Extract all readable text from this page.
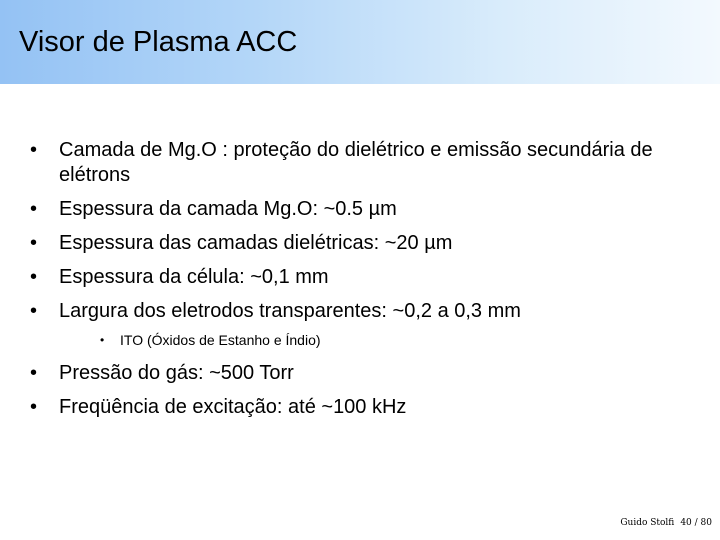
Visor de Plasma ACC
• Camada de Mg.O : proteção do dielétrico e emissão secundária de elétrons
• Espessura da camada Mg.O: ~0.5 µm
• Espessura das camadas dielétricas: ~20 µm
• Espessura da célula: ~0,1 mm
• Largura dos eletrodos transparentes: ~0,2 a 0,3 mm
• ITO (Óxidos de Estanho e Índio)
• Pressão do gás: ~500 Torr
• Freqüência de excitação: até ~100 kHz
Guido Stolfi 40 / 80
